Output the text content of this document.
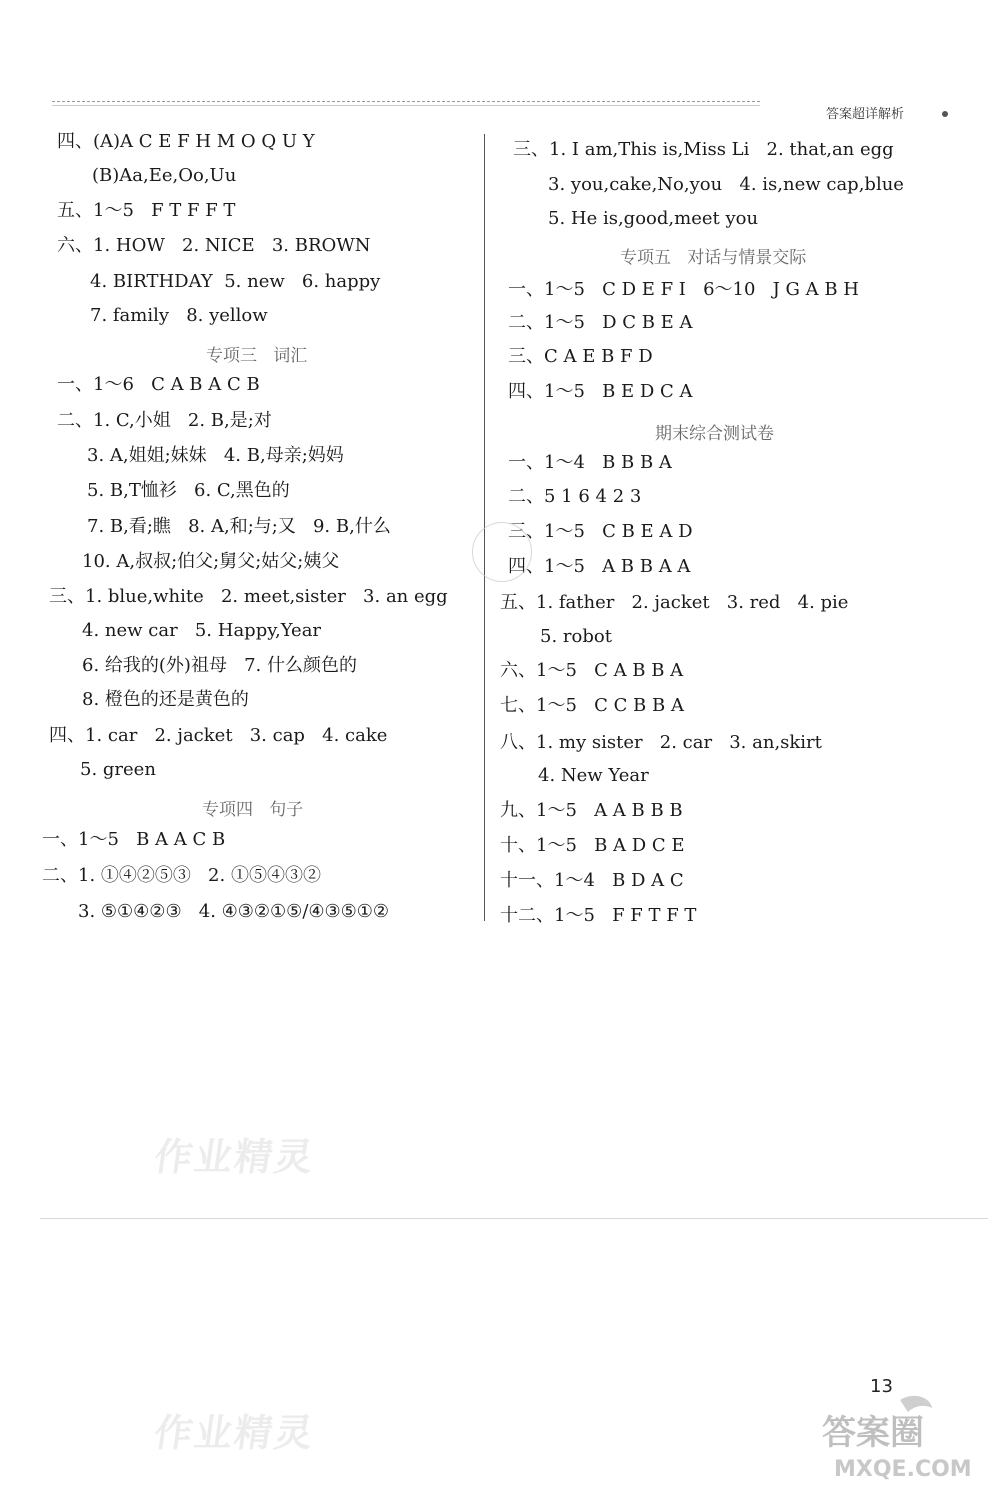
答案超详解析
四、(A)A C E F H M O Q U Y
(B)Aa,Ee,Oo,Uu
五、1～5   F T F F T
六、1. HOW   2. NICE   3. BROWN
4. BIRTHDAY  5. new   6. happy
7. family   8. yellow
专项三   词汇
一、1～6   C A B A C B
二、1. C,小姐   2. B,是;对
3. A,姐姐;妹妹   4. B,母亲;妈妈
5. B,T恤衫   6. C,黑色的
7. B,看;瞧   8. A,和;与;又   9. B,什么
10. A,叔叔;伯父;舅父;姑父;姨父
三、1. blue,white   2. meet,sister   3. an egg
4. new car   5. Happy,Year
6. 给我的(外)祖母   7. 什么颜色的
8. 橙色的还是黄色的
四、1. car   2. jacket   3. cap   4. cake
5. green
专项四   句子
一、1～5   B A A C B
二、1. ①④②⑤③   2. ①⑤④③②
3. ⑤①④②③   4. ④③②①⑤/④③⑤①②
三、1. I am,This is,Miss Li   2. that,an egg
3. you,cake,No,you   4. is,new cap,blue
5. He is,good,meet you
专项五   对话与情景交际
一、1～5   C D E F I   6～10   J G A B H
二、1～5   D C B E A
三、C A E B F D
四、1～5   B E D C A
期末综合测试卷
一、1～4   B B B A
二、5 1 6 4 2 3
三、1～5   C B E A D
四、1～5   A B B A A
五、1. father   2. jacket   3. red   4. pie
5. robot
六、1～5   C A B B A
七、1～5   C C B B A
八、1. my sister   2. car   3. an,skirt
4. New Year
九、1～5   A A B B B
十、1～5   B A D C E
十一、1～4   B D A C
十二、1～5   F F T F T
作业精灵
作业精灵
13
答案圈
MXQE.COM
